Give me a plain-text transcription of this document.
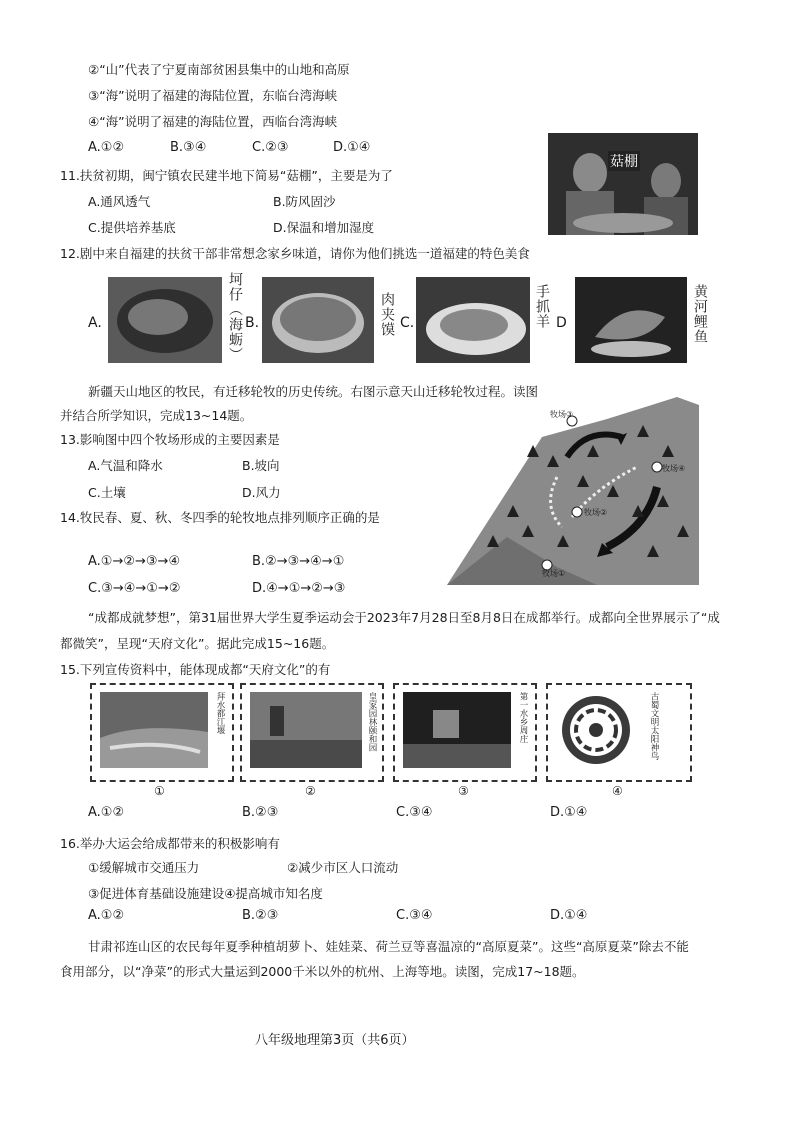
②“山”代表了宁夏南部贫困县集中的山地和高原
③“海”说明了福建的海陆位置，东临台湾海峡
④“海”说明了福建的海陆位置，西临台湾海峡
A.①②	B.③④	C.②③	D.①④
11.扶贫初期，闽宁镇农民建半地下简易“菇棚”，主要是为了
A.通风透气	B.防风固沙
C.提供培养基底	D.保温和增加湿度
菇棚
12.剧中来自福建的扶贫干部非常想念家乡味道，请你为他们挑选一道福建的特色美食
A.	坷仔（海蛎） B.	肉夹馍 C.	手抓羊 D	黄河鲤鱼
新疆天山地区的牧民，有迁移轮牧的历史传统。右图示意天山迁移轮牧过程。读图
并结合所学知识，完成13~14题。
13.影响图中四个牧场形成的主要因素是
A.气温和降水	B.坡向
C.土壤	D.风力
14.牧民春、夏、秋、冬四季的轮牧地点排列顺序正确的是
A.①→②→③→④	B.②→③→④→①
C.③→④→①→②	D.④→①→②→③
牧场③
牧场④
牧场②
牧场①
“成都成就梦想”，第31届世界大学生夏季运动会于2023年7月28日至8月8日在成都举行。成都向全世界展示了“成
都微笑”，呈现“天府文化”。据此完成15~16题。
15.下列宣传资料中，能体现成都“天府文化”的有
拜水都江堰	皇家园林颐和园	第一水乡周庄	古蜀文明太阳神鸟
①	②	③	④
A.①②	B.②③	C.③④	D.①④
16.举办大运会给成都带来的积极影响有
①缓解城市交通压力	②减少市区人口流动
③促进体育基础设施建设④提高城市知名度
A.①②	B.②③	C.③④	D.①④
甘肃祁连山区的农民每年夏季种植胡萝卜、娃娃菜、荷兰豆等喜温凉的“高原夏菜”。这些“高原夏菜”除去不能
食用部分，以“净菜”的形式大量运到2000千米以外的杭州、上海等地。读图，完成17~18题。
八年级地理第3页（共6页）
